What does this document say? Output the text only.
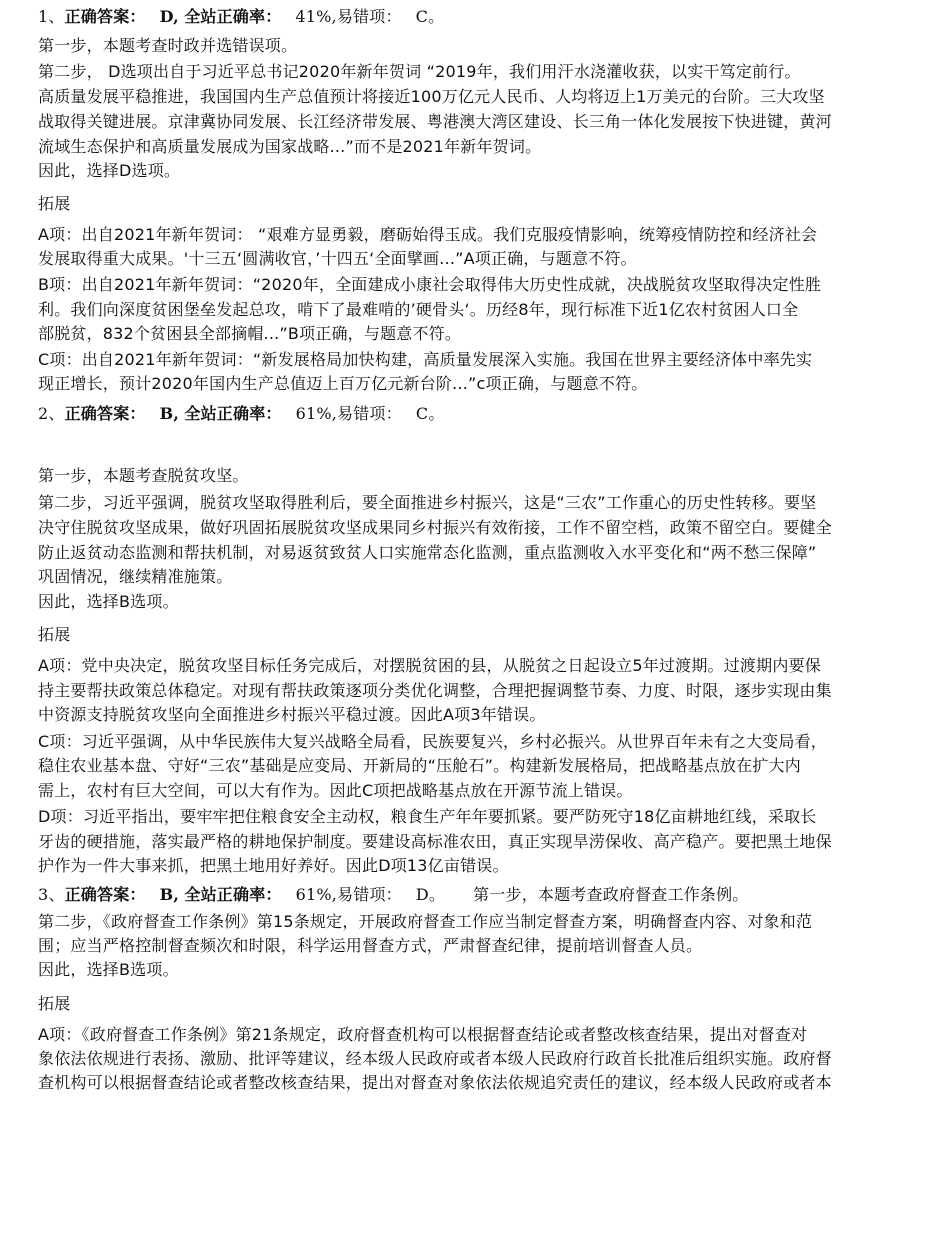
1、正确答案： D, 全站正确率： 41%,易错项： C。
第一步，本题考查时政并选错误项。
第二步， D选项出自于习近平总书记2020年新年贺词 “2019年，我们用汗水浇灌收获，以实干笃定前行。
高质量发展平稳推进，我国国内生产总值预计将接近100万亿元人民币、人均将迈上1万美元的台阶。三大攻坚
战取得关键进展。京津冀协同发展、长江经济带发展、粤港澳大湾区建设、长三角一体化发展按下快进键，黄河
流域生态保护和高质量发展成为国家战略...”而不是2021年新年贺词。
因此，选择D选项。
拓展
A项：出自2021年新年贺词： “艰难方显勇毅，磨砺始得玉成。我们克服疫情影响，统筹疫情防控和经济社会
发展取得重大成果。'十三五‘圆满收官，’十四五‘全面擘画...”A项正确，与题意不符。
B项：出自2021年新年贺词：“2020年，全面建成小康社会取得伟大历史性成就，决战脱贫攻坚取得决定性胜
利。我们向深度贫困堡垒发起总攻，啃下了最难啃的’硬骨头‘。历经8年，现行标准下近1亿农村贫困人口全
部脱贫，832个贫困县全部摘帽...”B项正确，与题意不符。
C项：出自2021年新年贺词：“新发展格局加快构建，高质量发展深入实施。我国在世界主要经济体中率先实
现正增长，预计2020年国内生产总值迈上百万亿元新台阶...”c项正确，与题意不符。
2、正确答案： B, 全站正确率： 61%,易错项： C。
第一步，本题考查脱贫攻坚。
第二步，习近平强调，脱贫攻坚取得胜利后，要全面推进乡村振兴，这是“三农”工作重心的历史性转移。要坚
决守住脱贫攻坚成果，做好巩固拓展脱贫攻坚成果同乡村振兴有效衔接，工作不留空档，政策不留空白。要健全
防止返贫动态监测和帮扶机制，对易返贫致贫人口实施常态化监测，重点监测收入水平变化和“两不愁三保障”
巩固情况，继续精准施策。
因此，选择B选项。
拓展
A项：党中央决定，脱贫攻坚目标任务完成后，对摆脱贫困的县，从脱贫之日起设立5年过渡期。过渡期内要保
持主要帮扶政策总体稳定。对现有帮扶政策逐项分类优化调整，合理把握调整节奏、力度、时限，逐步实现由集
中资源支持脱贫攻坚向全面推进乡村振兴平稳过渡。因此A项3年错误。
C项：习近平强调，从中华民族伟大复兴战略全局看，民族要复兴，乡村必振兴。从世界百年未有之大变局看，
稳住农业基本盘、守好“三农”基础是应变局、开新局的“压舱石”。构建新发展格局，把战略基点放在扩大内
需上，农村有巨大空间，可以大有作为。因此C项把战略基点放在开源节流上错误。
D项：习近平指出，要牢牢把住粮食安全主动权，粮食生产年年要抓紧。要严防死守18亿亩耕地红线，采取长
牙齿的硬措施，落实最严格的耕地保护制度。要建设高标准农田，真正实现旱涝保收、高产稳产。要把黑土地保
护作为一件大事来抓，把黑土地用好养好。因此D项13亿亩错误。
3、正确答案： B, 全站正确率： 61%,易错项： D。 第一步，本题考查政府督查工作条例。
第二步，《政府督查工作条例》第15条规定，开展政府督查工作应当制定督查方案，明确督查内容、对象和范
围；应当严格控制督查频次和时限，科学运用督查方式，严肃督查纪律，提前培训督查人员。
因此，选择B选项。
拓展
A项：《政府督查工作条例》第21条规定，政府督查机构可以根据督查结论或者整改核查结果，提出对督查对
象依法依规进行表扬、激励、批评等建议，经本级人民政府或者本级人民政府行政首长批准后组织实施。政府督
查机构可以根据督查结论或者整改核查结果，提出对督查对象依法依规追究责任的建议，经本级人民政府或者本
